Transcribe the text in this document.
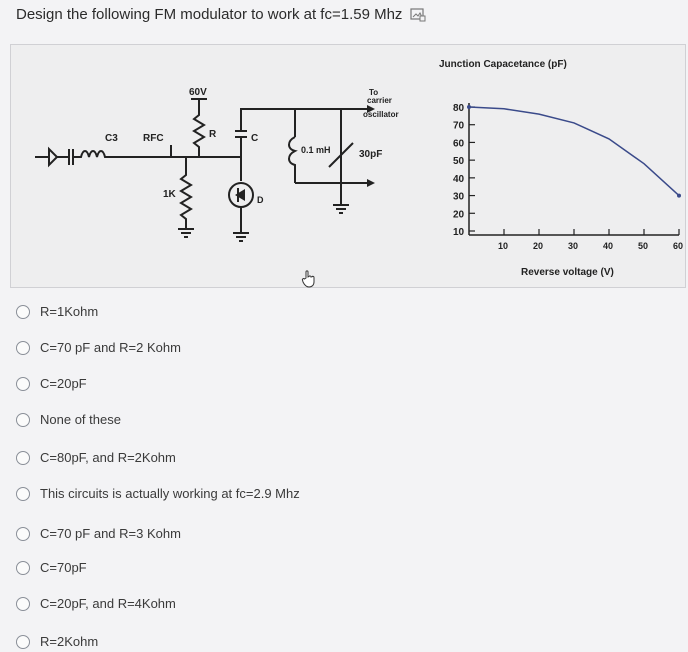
Design the following FM modulator to work at fc=1.59 Mhz
C3	RFC
60V
R	C
1K	D
0.1 mH
To
carrier
oscillator
30pF
Junction Capacetance (pF)
80
70
60
50
40
30
20
10
10	20	30	40	50	60
Reverse voltage (V)
R=1Kohm
C=70 pF and R=2 Kohm
C=20pF
None of these
C=80pF, and R=2Kohm
This circuits is actually working at fc=2.9 Mhz
C=70 pF and R=3 Kohm
C=70pF
C=20pF, and R=4Kohm
R=2Kohm
